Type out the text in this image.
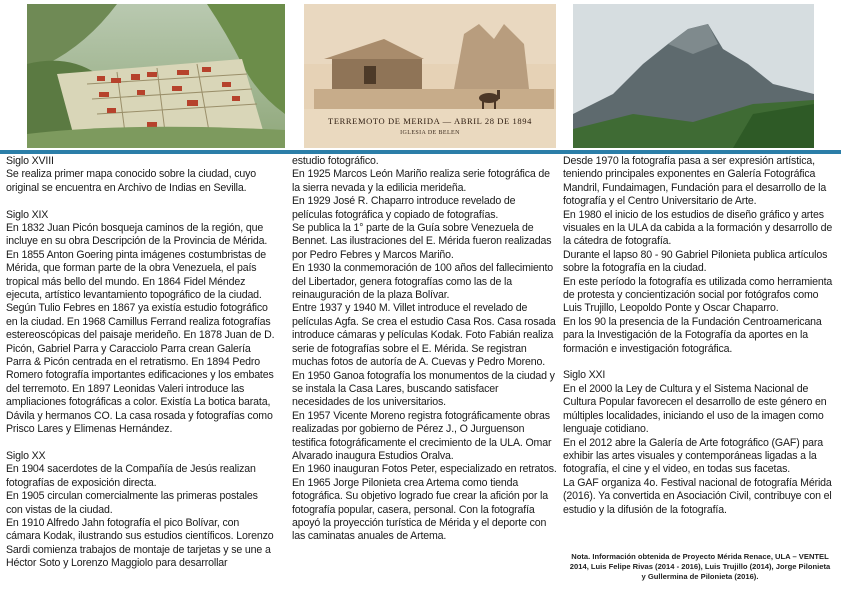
TERREMOTO DE MERIDA — ABRIL 28 DE 1894
IGLESIA DE BELEN

Siglo XVIII

Se realiza primer mapa conocido sobre la ciudad, cuyo original se encuentra en Archivo de Indias en Sevilla.

Siglo XIX

En 1832 Juan Picón bosqueja caminos de la región, que incluye en su obra Descripción de la Provincia de Mérida.

En 1855 Anton Goering pinta imágenes costumbristas de Mérida, que forman parte de la obra Venezuela, el país tropical más bello del mundo. En 1864 Fidel Méndez ejecuta, artístico levantamiento topográfico de la ciudad. Según Tulio Febres en 1867 ya existía estudio fotográfico en la ciudad. En 1968 Camillus Ferrand realiza fotografías estereoscópicas del paisaje merideño. En 1878 Juan de D. Picón, Gabriel Parra y Caracciolo Parra crean Galería Parra & Picón centrada en el retratismo. En 1894 Pedro Romero fotografía importantes edificaciones y los embates del terremoto. En 1897 Leonidas Valeri introduce las ampliaciones fotográficas a color. Existía La botica barata, Dávila y hermanos CO. La casa rosada y fotografías como Prisco Lares y Elimenas Hernández.

Siglo XX

En 1904 sacerdotes de la Compañía de Jesús realizan fotografías de exposición directa.

En 1905 circulan comercialmente las primeras postales con vistas de la ciudad.

En 1910 Alfredo Jahn fotografía el pico Bolívar, con cámara Kodak, ilustrando sus estudios científicos. Lorenzo Sardi comienza trabajos de montaje de tarjetas y se une a Héctor Soto y Lorenzo Maggiolo para desarrollar

estudio fotográfico.

En 1925 Marcos León Mariño realiza serie fotográfica de la sierra nevada y la edilicia merideña.

En 1929 José R. Chaparro introduce revelado de películas fotográfica y copiado de fotografías.

Se publica la 1° parte de la Guía sobre Venezuela de Bennet. Las ilustraciones del E. Mérida fueron realizadas por Pedro Febres y Marcos Mariño.

En 1930 la conmemoración de 100 años del fallecimiento del Libertador, genera fotografías como las de la reinauguración de la plaza Bolívar.

Entre 1937 y 1940 M. Villet introduce el revelado de películas Agfa. Se crea el estudio Casa Ros. Casa rosada introduce cámaras y películas Kodak. Foto Fabián realiza serie de fotografías sobre el E. Mérida. Se registran muchas fotos de autoría de A. Cuevas y Pedro Moreno.

En 1950 Ganoa fotografía los monumentos de la ciudad y se instala la Casa Lares, buscando satisfacer necesidades de los universitarios.

En 1957 Vicente Moreno registra fotográficamente obras realizadas por gobierno de Pérez J., O Jurguenson testifica fotográficamente el crecimiento de la ULA. Omar Alvarado inaugura Estudios Oralva.

En 1960 inauguran Fotos Peter, especializado en retratos.

En 1965 Jorge Pilonieta crea Artema como tienda fotográfica. Su objetivo logrado fue crear la afición por la fotografía popular, casera, personal. Con la fotografía apoyó la proyección turística de Mérida y el deporte con las caminatas anuales de Artema.

Desde 1970 la fotografía pasa a ser expresión artística, teniendo principales exponentes en Galería Fotográfica Mandril, Fundaimagen, Fundación para el desarrollo de la fotografía y el Centro Universitario de Arte.

En 1980 el inicio de los estudios de diseño gráfico y artes visuales en la ULA da cabida a la formación y desarrollo de la cátedra de fotografía.

Durante el lapso 80 - 90 Gabriel Pilonieta publica artículos sobre la fotografía en la ciudad.

En este período la fotografía es utilizada como herramienta de protesta y concientización social por fotógrafos como Luis Trujillo, Leopoldo Ponte y Oscar Chaparro.

En los 90 la presencia de la Fundación Centroamericana para la Investigación de la Fotografía da aportes en la formación e investigación fotográfica.

Siglo XXI

En el 2000 la Ley de Cultura y el Sistema Nacional de Cultura Popular favorecen el desarrollo de este género en múltiples localidades, iniciando el uso de la imagen como lenguaje cotidiano.

En el 2012 abre la Galería de Arte fotográfico (GAF) para exhibir las artes visuales y contemporáneas ligadas a la fotografía, el cine y el video, en todas sus facetas.

La GAF organiza 4o. Festival nacional de fotografía Mérida (2016). Ya convertida en Asociación Civil, contribuye con el estudio y la difusión de la fotografía.

Nota. Información obtenida de Proyecto Mérida Renace, ULA – VENTEL 2014, Luis Felipe Rivas (2014 - 2016), Luis Trujillo (2014), Jorge Pilonieta y Gullermina de Pilonieta (2016).
